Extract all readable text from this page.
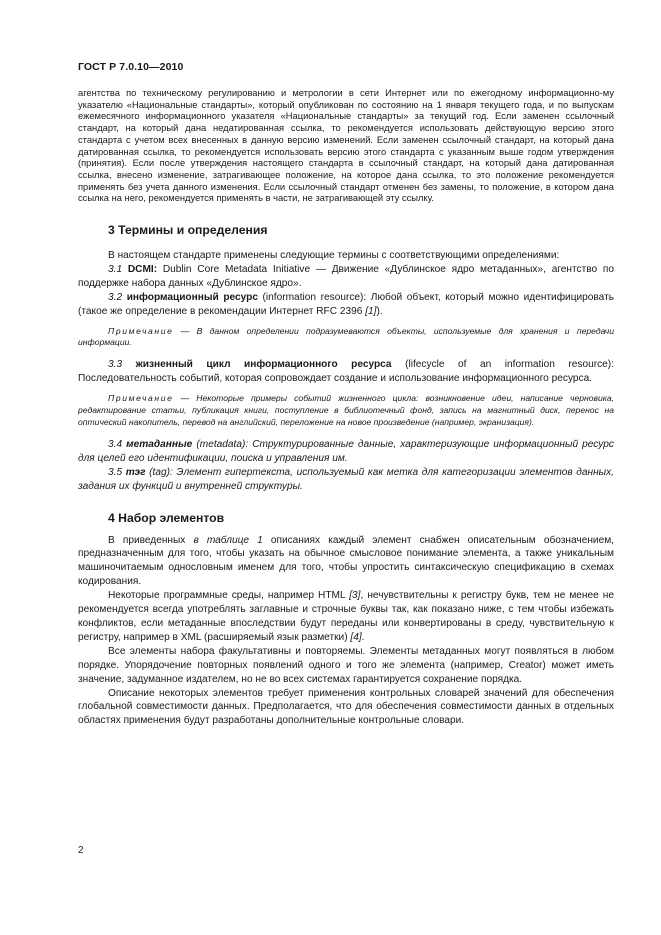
ГОСТ Р 7.0.10—2010

агентства по техническому регулированию и метрологии в сети Интернет или по ежегодному информационно-му указателю «Национальные стандарты», который опубликован по состоянию на 1 января текущего года, и по выпускам ежемесячного информационного указателя «Национальные стандарты» за текущий год. Если заменен ссылочный стандарт, на который дана недатированная ссылка, то рекомендуется использовать действующую версию этого стандарта с учетом всех внесенных в данную версию изменений. Если заменен ссылочный стандарт, на который дана датированная ссылка, то рекомендуется использовать версию этого стандарта с указанным выше годом утверждения (принятия). Если после утверждения настоящего стандарта в ссылочный стандарт, на который дана датированная ссылка, внесено изменение, затрагивающее положение, на которое дана ссылка, то это положение рекомендуется применять без учета данного изменения. Если ссылочный стандарт отменен без замены, то положение, в котором дана ссылка на него, рекомендуется применять в части, не затрагивающей эту ссылку.

3 Термины и определения

В настоящем стандарте применены следующие термины с соответствующими определениями:

3.1 DCMI: Dublin Core Metadata Initiative — Движение «Дублинское ядро метаданных», агентство по поддержке набора данных «Дублинское ядро».

3.2 информационный ресурс (information resource): Любой объект, который можно идентифицировать (такое же определение в рекомендации Интернет RFC 2396 [1]).

Примечание — В данном определении подразумеваются объекты, используемые для хранения и передачи информации.

3.3 жизненный цикл информационного ресурса (lifecycle of an information resource): Последовательность событий, которая сопровождает создание и использование информационного ресурса.

Примечание — Некоторые примеры событий жизненного цикла: возникновение идеи, написание черновика, редактирование статьи, публикация книги, поступление в библиотечный фонд, запись на магнитный диск, перенос на оптический накопитель, перевод на английский, переложение на новое произведение (например, экранизация).

3.4 метаданные (metadata): Структурированные данные, характеризующие информационный ресурс для целей его идентификации, поиска и управления им.

3.5 тэг (tag): Элемент гипертекста, используемый как метка для категоризации элементов данных, задания их функций и внутренней структуры.

4 Набор элементов

В приведенных в таблице 1 описаниях каждый элемент снабжен описательным обозначением, предназначенным для того, чтобы указать на обычное смысловое понимание элемента, а также уникальным машиночитаемым однословным именем для того, чтобы упростить синтаксическую спецификацию в схемах кодирования.

Некоторые программные среды, например HTML [3], нечувствительны к регистру букв, тем не менее не рекомендуется всегда употреблять заглавные и строчные буквы так, как показано ниже, с тем чтобы избежать конфликтов, если метаданные впоследствии будут переданы или конвертированы в среду, чувствительную к регистру, например в XML (расширяемый язык разметки) [4].

Все элементы набора факультативны и повторяемы. Элементы метаданных могут появляться в любом порядке. Упорядочение повторных появлений одного и того же элемента (например, Creator) может иметь значение, задуманное издателем, но не во всех системах гарантируется сохранение порядка.

Описание некоторых элементов требует применения контрольных словарей значений для обеспечения глобальной совместимости данных. Предполагается, что для обеспечения совместимости данных в отдельных областях применения будут разработаны дополнительные контрольные словари.

2
